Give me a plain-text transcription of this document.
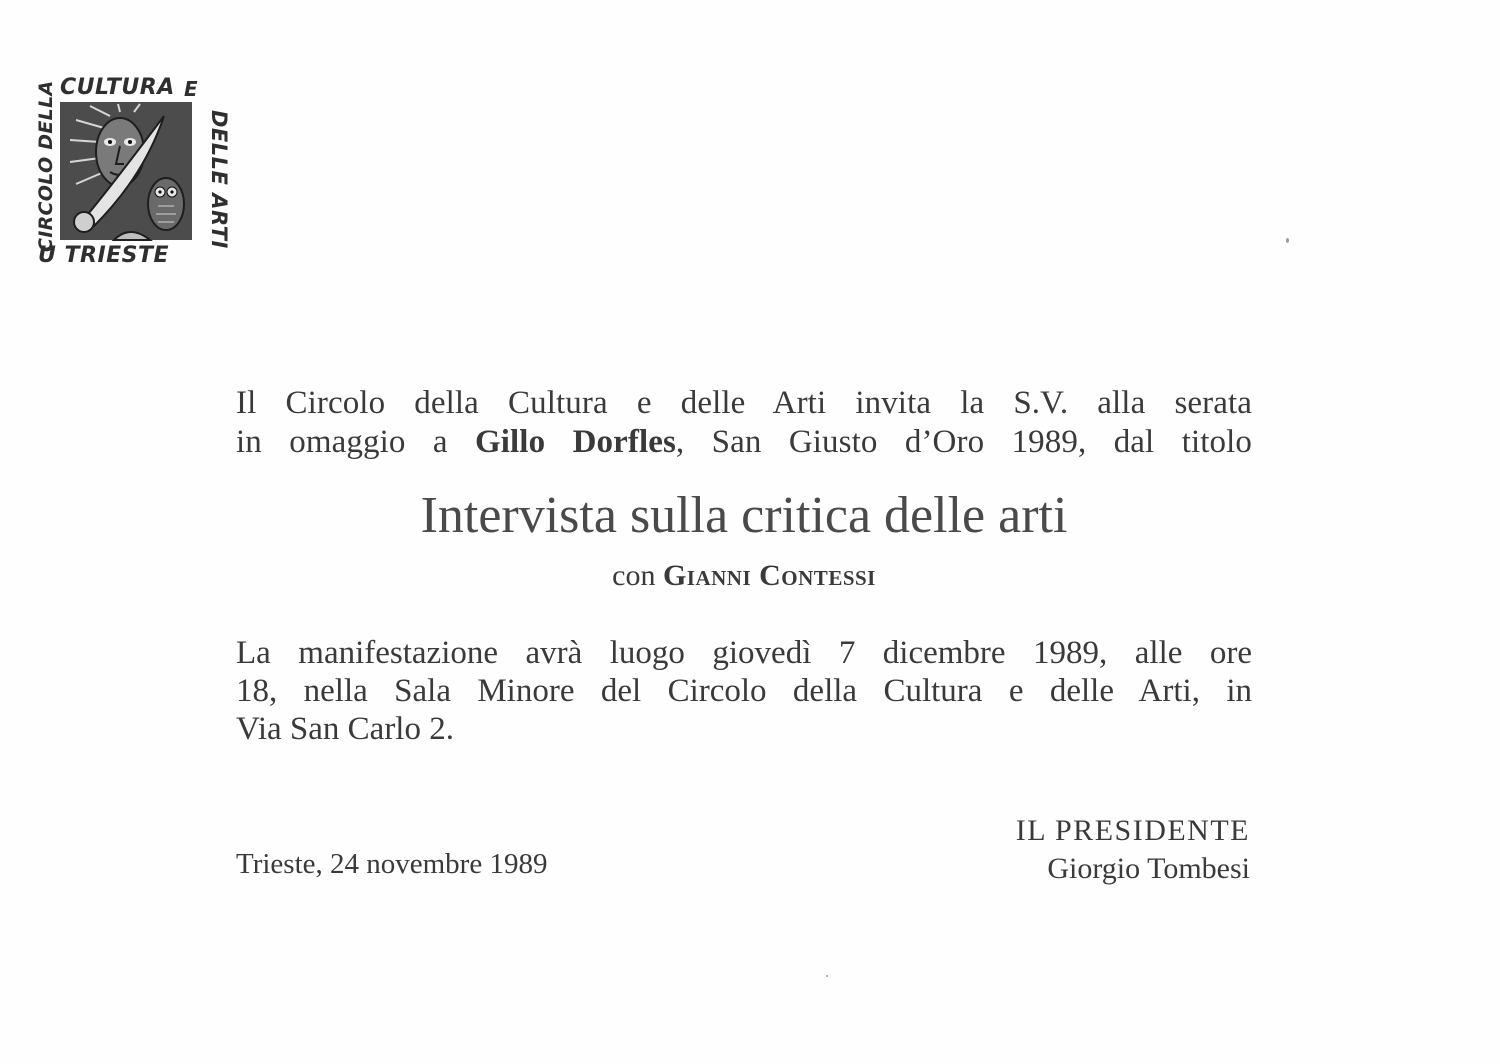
CULTURA E
DELLE ARTI
CIRCOLO DELLA
U TRIESTE
Il Circolo della Cultura e delle Arti invita la S.V. alla serata
in omaggio a Gillo Dorfles, San Giusto d’Oro 1989, dal titolo
Intervista sulla critica delle arti
con Gianni Contessi
La manifestazione avrà luogo giovedì 7 dicembre 1989, alle ore
18, nella Sala Minore del Circolo della Cultura e delle Arti, in
Via San Carlo 2.
Trieste, 24 novembre 1989
IL PRESIDENTE
Giorgio Tombesi
